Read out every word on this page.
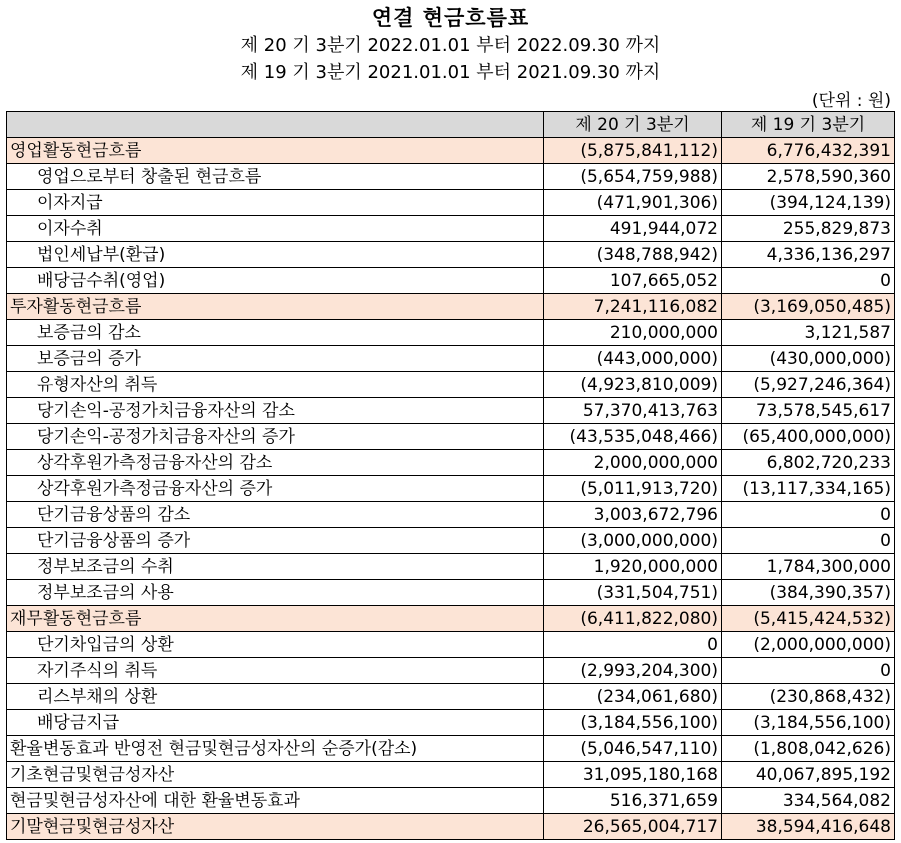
연결 현금흐름표
제 20 기 3분기 2022.01.01 부터 2022.09.30 까지
제 19 기 3분기 2021.01.01 부터 2021.09.30 까지
(단위 : 원)
	제 20 기 3분기	제 19 기 3분기
영업활동현금흐름	(5,875,841,112)	6,776,432,391
영업으로부터 창출된 현금흐름	(5,654,759,988)	2,578,590,360
이자지급	(471,901,306)	(394,124,139)
이자수취	491,944,072	255,829,873
법인세납부(환급)	(348,788,942)	4,336,136,297
배당금수취(영업)	107,665,052	0
투자활동현금흐름	7,241,116,082	(3,169,050,485)
보증금의 감소	210,000,000	3,121,587
보증금의 증가	(443,000,000)	(430,000,000)
유형자산의 취득	(4,923,810,009)	(5,927,246,364)
당기손익-공정가치금융자산의 감소	57,370,413,763	73,578,545,617
당기손익-공정가치금융자산의 증가	(43,535,048,466)	(65,400,000,000)
상각후원가측정금융자산의 감소	2,000,000,000	6,802,720,233
상각후원가측정금융자산의 증가	(5,011,913,720)	(13,117,334,165)
단기금융상품의 감소	3,003,672,796	0
단기금융상품의 증가	(3,000,000,000)	0
정부보조금의 수취	1,920,000,000	1,784,300,000
정부보조금의 사용	(331,504,751)	(384,390,357)
재무활동현금흐름	(6,411,822,080)	(5,415,424,532)
단기차입금의 상환	0	(2,000,000,000)
자기주식의 취득	(2,993,204,300)	0
리스부채의 상환	(234,061,680)	(230,868,432)
배당금지급	(3,184,556,100)	(3,184,556,100)
환율변동효과 반영전 현금및현금성자산의 순증가(감소)	(5,046,547,110)	(1,808,042,626)
기초현금및현금성자산	31,095,180,168	40,067,895,192
현금및현금성자산에 대한 환율변동효과	516,371,659	334,564,082
기말현금및현금성자산	26,565,004,717	38,594,416,648
